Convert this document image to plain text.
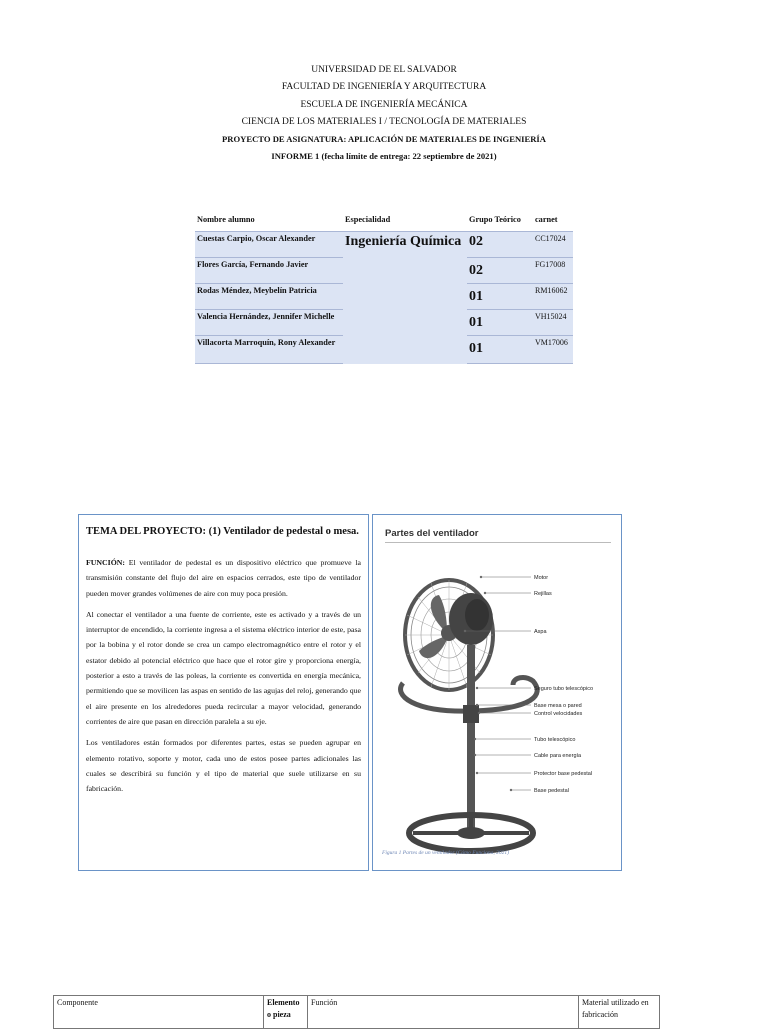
UNIVERSIDAD DE EL SALVADOR
FACULTAD DE INGENIERÍA Y ARQUITECTURA
ESCUELA DE INGENIERÍA MECÁNICA
CIENCIA DE LOS MATERIALES I / TECNOLOGÍA DE MATERIALES
PROYECTO DE ASIGNATURA: APLICACIÓN DE MATERIALES DE INGENIERÍA
INFORME 1 (fecha límite de entrega: 22 septiembre de 2021)
Nombre alumno	Especialidad	Grupo Teórico	carnet
Cuestas Carpio, Oscar Alexander	Ingeniería Química	02	CC17024
Flores García, Fernando Javier		02	FG17008
Rodas Méndez, Meybelín Patricia		01	RM16062
Valencia Hernández, Jennifer Michelle		01	VH15024
Villacorta Marroquín, Rony Alexander		01	VM17006
TEMA DEL PROYECTO: (1) Ventilador de pedestal o mesa.

FUNCIÓN: El ventilador de pedestal es un dispositivo eléctrico que promueve la transmisión constante del flujo del aire en espacios cerrados, este tipo de ventilador pueden mover grandes volúmenes de aire con muy poca presión.

Al conectar el ventilador a una fuente de corriente, este es activado y a través de un interruptor de encendido, la corriente ingresa a el sistema eléctrico interior de este, pasa por la bobina y el rotor donde se crea un campo electromagnético entre el rotor y el estator debido al potencial eléctrico que hace que el rotor gire y proporciona energía, posterior a esto a través de las poleas, la corriente es convertida en energía mecánica, permitiendo que se movilicen las aspas en sentido de las agujas del reloj, generando que el aire presente en los alrededores pueda recircular a mayor velocidad, generando corrientes de aire que pasan en dirección paralela a su eje.

Los ventiladores están formados por diferentes partes, estas se pueden agrupar en elemento rotativo, soporte y motor, cada uno de estos posee partes adicionales las cuales se describirá su función y el tipo de material que suele utilizarse en su fabricación.

Partes del ventilador
Motor
Rejillas
Aspa
Seguro tubo telescópico
Base mesa o pared
Control velocidades
Tubo telescópico
Cable para energía
Protector base pedestal
Base pedestal
Figura 1 Partes de un ventilador (Cómo Funciona, 2021)
Componente	Elemento o pieza	Función	Material utilizado en fabricación
